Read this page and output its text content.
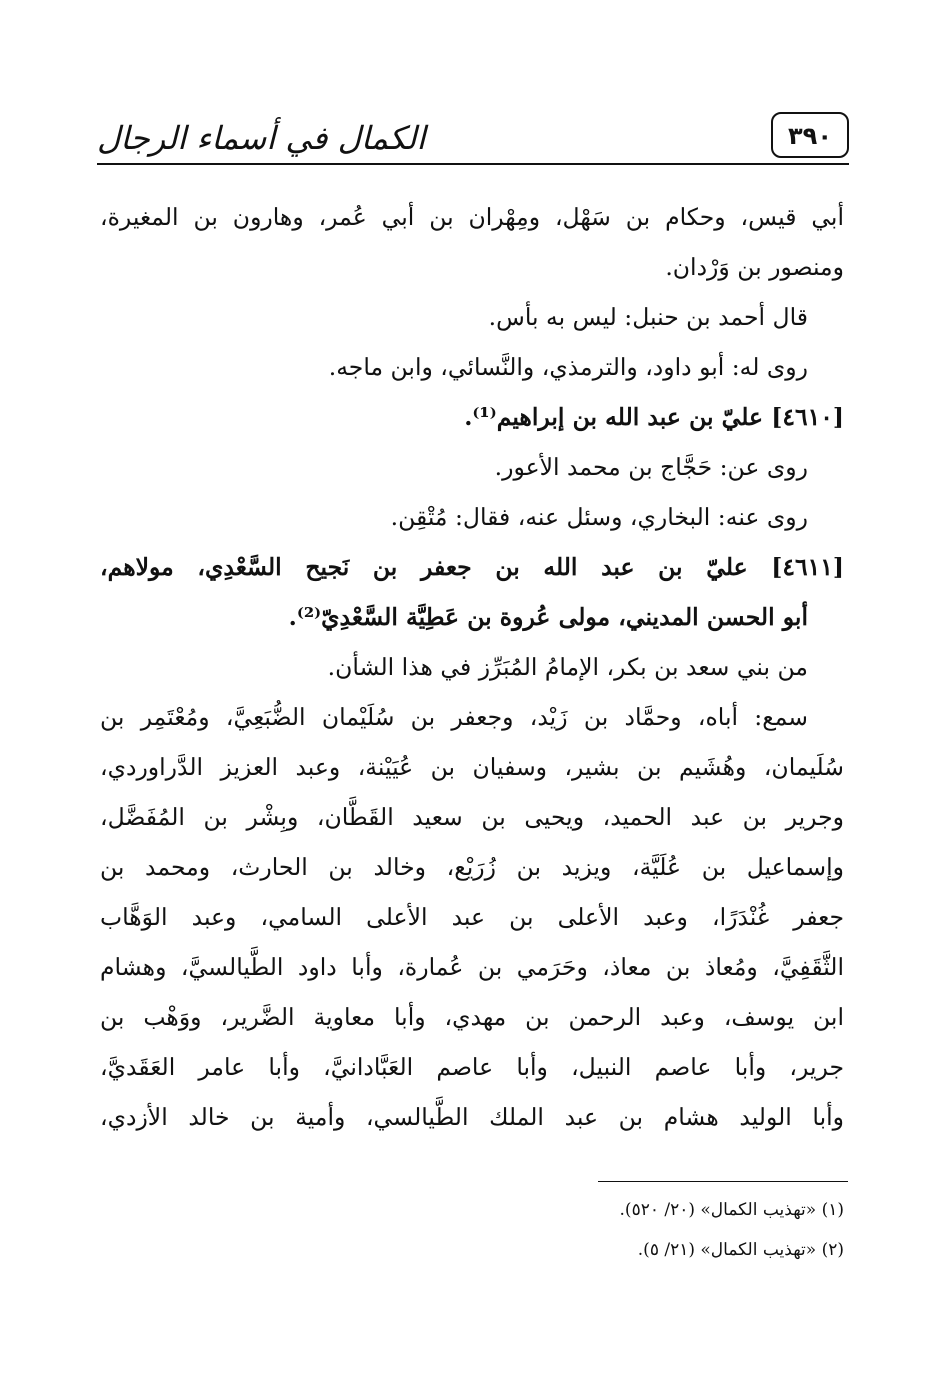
الكمال في أسماء الرجال	٣٩٠
أبي قيس، وحكام بن سَهْل، ومِهْران بن أبي عُمر، وهارون بن المغيرة،
ومنصور بن وَرْدان.
قال أحمد بن حنبل: ليس به بأس.
روى له: أبو داود، والترمذي، والنَّسائي، وابن ماجه.
[٤٦١٠] عليّ بن عبد الله بن إبراهيم⁽¹⁾.
روى عن: حَجَّاج بن محمد الأعور.
روى عنه: البخاري، وسئل عنه، فقال: مُتْقِن.
[٤٦١١] عليّ بن عبد الله بن جعفر بن نَجيح السَّعْدِي، مولاهم،
أبو الحسن المديني، مولى عُروة بن عَطِيَّة السَّعْدِيّ⁽²⁾.
من بني سعد بن بكر، الإمامُ المُبَرِّز في هذا الشأن.
سمع: أباه، وحمَّاد بن زَيْد، وجعفر بن سُلَيْمان الضُّبَعِيَّ، ومُعْتَمِر بن
سُلَيمان، وهُشَيم بن بشير، وسفيان بن عُيَيْنة، وعبد العزيز الدَّراوردي،
وجرير بن عبد الحميد، ويحيى بن سعيد القَطَّان، وبِشْر بن المُفَضَّل،
وإسماعيل بن عُلَيَّة، ويزيد بن زُرَيْع، وخالد بن الحارث، ومحمد بن
جعفر غُنْدَرًا، وعبد الأعلى بن عبد الأعلى السامي، وعبد الوَهَّاب
الثَّقَفِيَّ، ومُعاذ بن معاذ، وحَرَمي بن عُمارة، وأبا داود الطَّيالسيَّ، وهشام
ابن يوسف، وعبد الرحمن بن مهدي، وأبا معاوية الضَّرير، ووَهْب بن
جرير، وأبا عاصم النبيل، وأبا عاصم العَبَّادانيَّ، وأبا عامر العَقَديَّ،
وأبا الوليد هشام بن عبد الملك الطَّيالسي، وأمية بن خالد الأزدي،
(١) «تهذيب الكمال» (٢٠/ ٥٢٠).
(٢) «تهذيب الكمال» (٢١/ ٥).
